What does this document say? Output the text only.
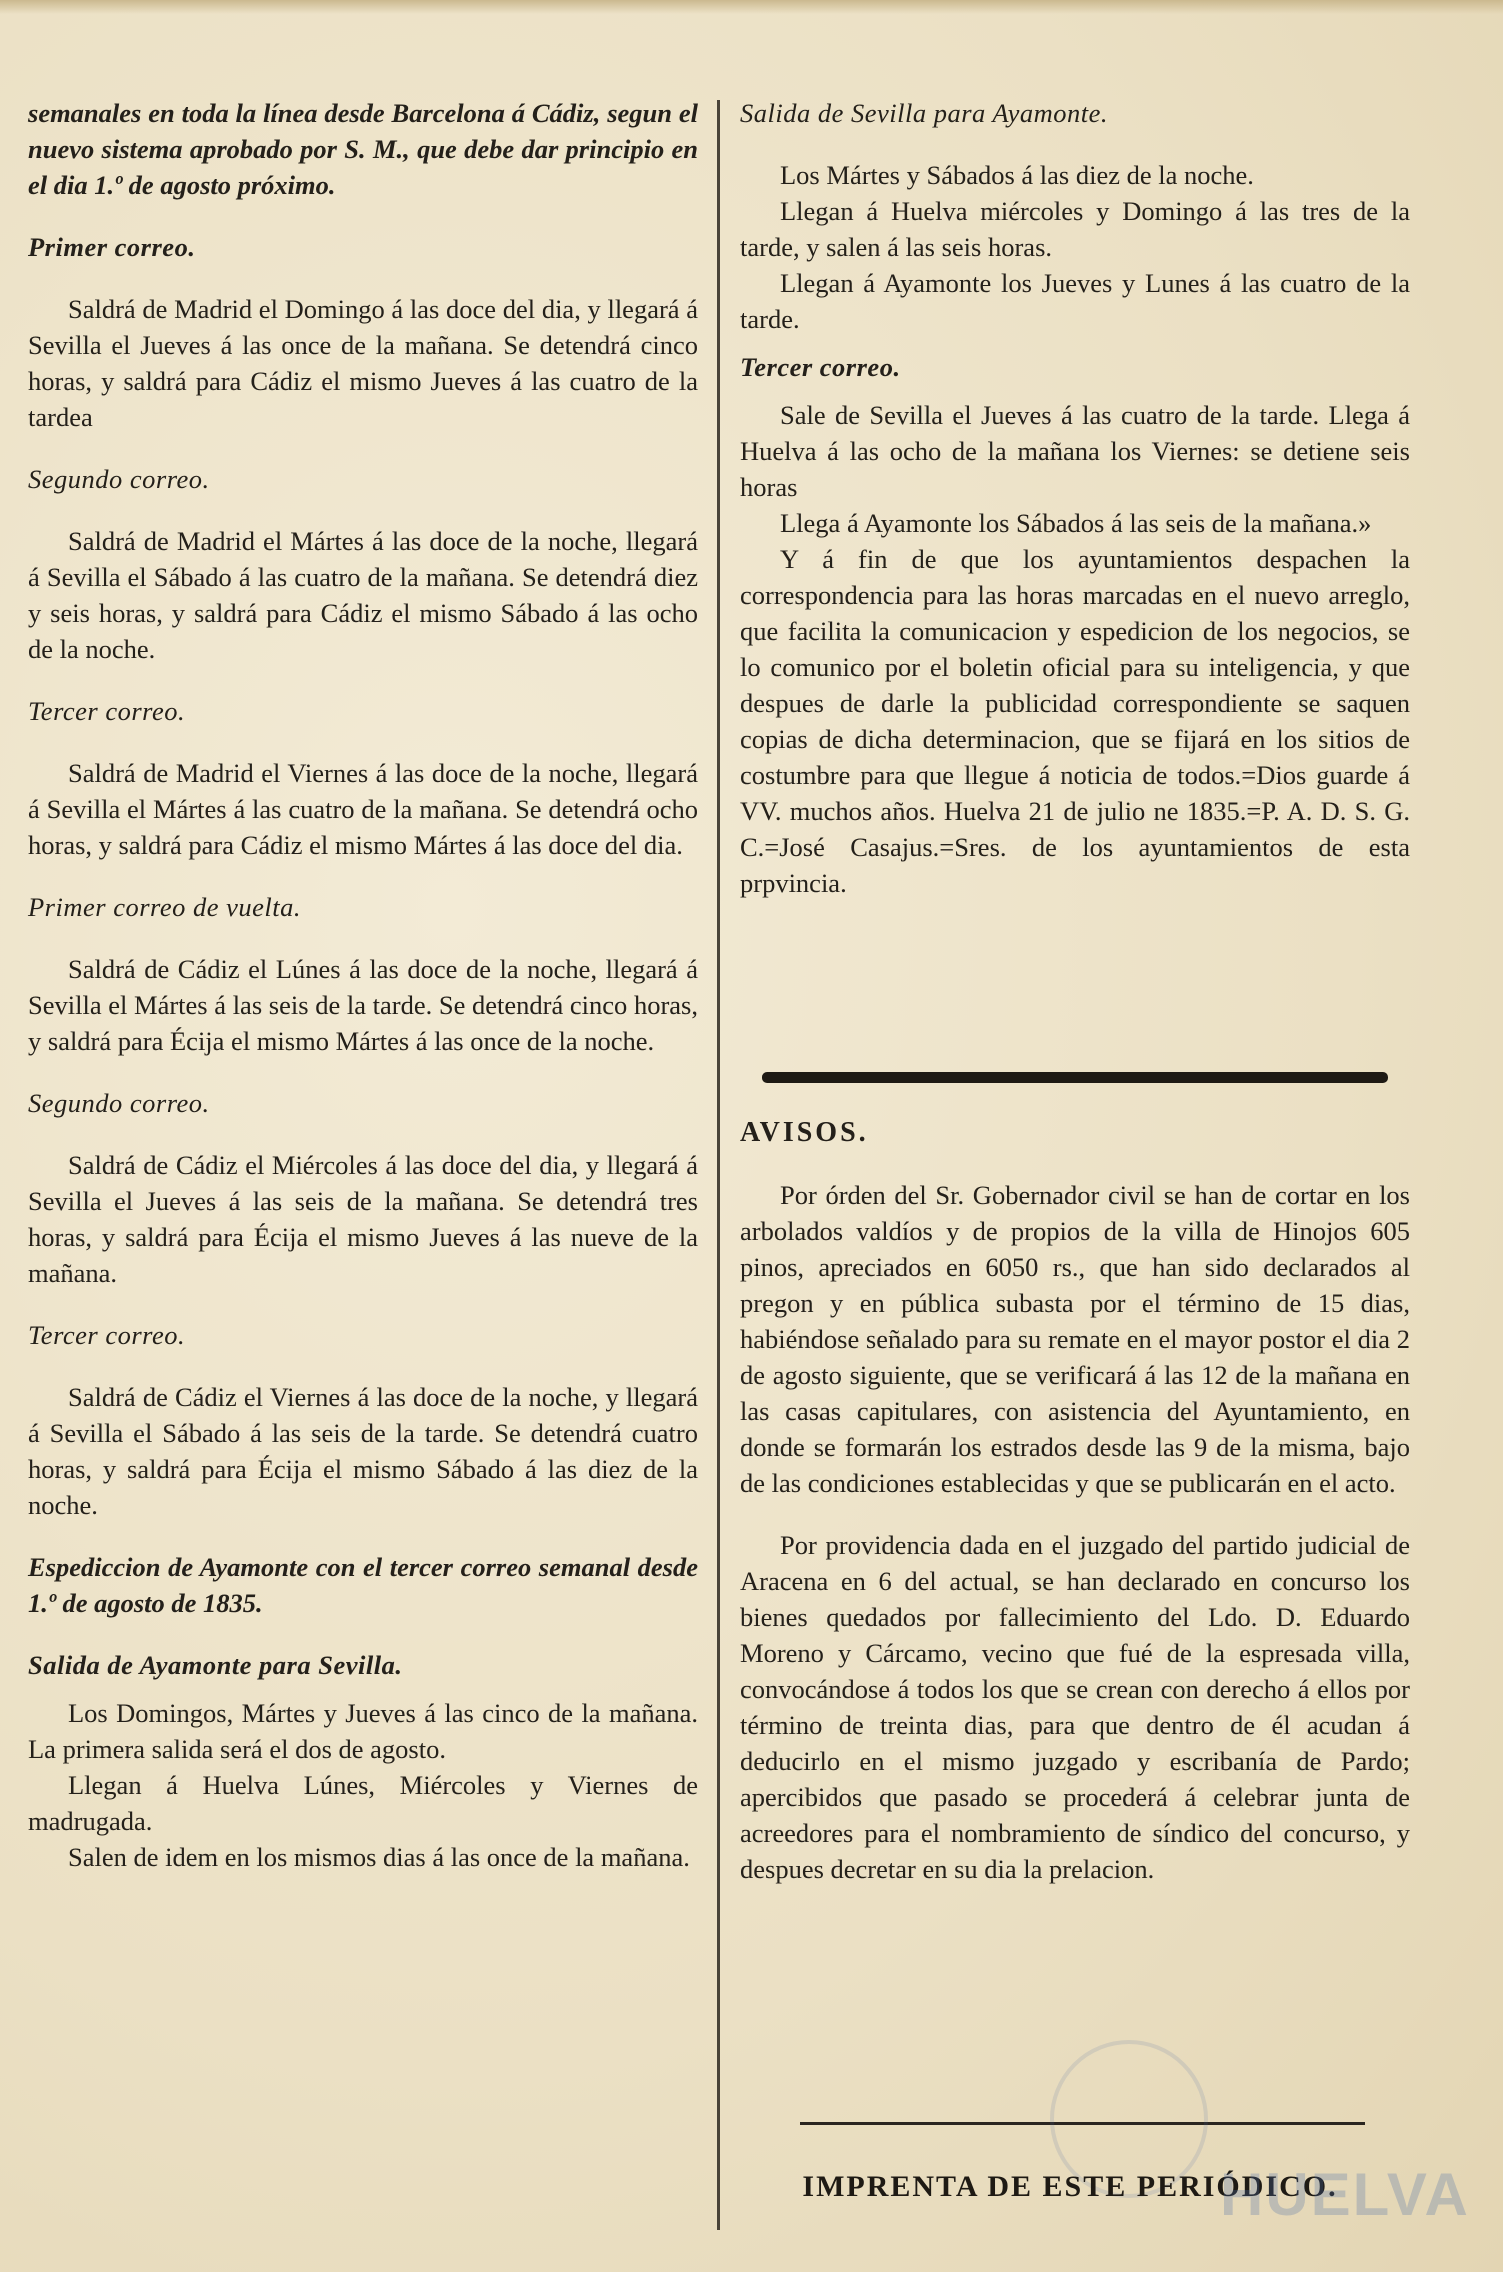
semanales en toda la línea desde Barcelona á Cádiz, segun el nuevo sistema aprobado por S. M., que debe dar principio en el dia 1.º de agosto próximo.

Primer correo.

Saldrá de Madrid el Domingo á las doce del dia, y llegará á Sevilla el Jueves á las once de la mañana. Se detendrá cinco horas, y saldrá para Cádiz el mismo Jueves á las cuatro de la tardea

Segundo correo.

Saldrá de Madrid el Mártes á las doce de la noche, llegará á Sevilla el Sábado á las cuatro de la mañana. Se detendrá diez y seis horas, y saldrá para Cádiz el mismo Sábado á las ocho de la noche.

Tercer correo.

Saldrá de Madrid el Viernes á las doce de la noche, llegará á Sevilla el Mártes á las cuatro de la mañana. Se detendrá ocho horas, y saldrá para Cádiz el mismo Mártes á las doce del dia.

Primer correo de vuelta.

Saldrá de Cádiz el Lúnes á las doce de la noche, llegará á Sevilla el Mártes á las seis de la tarde. Se detendrá cinco horas, y saldrá para Écija el mismo Mártes á las once de la noche.

Segundo correo.

Saldrá de Cádiz el Miércoles á las doce del dia, y llegará á Sevilla el Jueves á las seis de la mañana. Se detendrá tres horas, y saldrá para Écija el mismo Jueves á las nueve de la mañana.

Tercer correo.

Saldrá de Cádiz el Viernes á las doce de la noche, y llegará á Sevilla el Sábado á las seis de la tarde. Se detendrá cuatro horas, y saldrá para Écija el mismo Sábado á las diez de la noche.

Espediccion de Ayamonte con el tercer correo semanal desde 1.º de agosto de 1835.

Salida de Ayamonte para Sevilla.

Los Domingos, Mártes y Jueves á las cinco de la mañana. La primera salida será el dos de agosto.

Llegan á Huelva Lúnes, Miércoles y Viernes de madrugada.

Salen de idem en los mismos dias á las once de la mañana.

Salida de Sevilla para Ayamonte.

Los Mártes y Sábados á las diez de la noche.

Llegan á Huelva miércoles y Domingo á las tres de la tarde, y salen á las seis horas.

Llegan á Ayamonte los Jueves y Lunes á las cuatro de la tarde.

Tercer correo.

Sale de Sevilla el Jueves á las cuatro de la tarde. Llega á Huelva á las ocho de la mañana los Viernes: se detiene seis horas

Llega á Ayamonte los Sábados á las seis de la mañana.»

Y á fin de que los ayuntamientos despachen la correspondencia para las horas marcadas en el nuevo arreglo, que facilita la comunicacion y espedicion de los negocios, se lo comunico por el boletin oficial para su inteligencia, y que despues de darle la publicidad correspondiente se saquen copias de dicha determinacion, que se fijará en los sitios de costumbre para que llegue á noticia de todos.=Dios guarde á VV. muchos años. Huelva 21 de julio ne 1835.=P. A. D. S. G. C.=José Casajus.=Sres. de los ayuntamientos de esta prpvincia.

AVISOS.

Por órden del Sr. Gobernador civil se han de cortar en los arbolados valdíos y de propios de la villa de Hinojos 605 pinos, apreciados en 6050 rs., que han sido declarados al pregon y en pública subasta por el término de 15 dias, habiéndose señalado para su remate en el mayor postor el dia 2 de agosto siguiente, que se verificará á las 12 de la mañana en las casas capitulares, con asistencia del Ayuntamiento, en donde se formarán los estrados desde las 9 de la misma, bajo de las condiciones establecidas y que se publicarán en el acto.

Por providencia dada en el juzgado del partido judicial de Aracena en 6 del actual, se han declarado en concurso los bienes quedados por fallecimiento del Ldo. D. Eduardo Moreno y Cárcamo, vecino que fué de la espresada villa, convocándose á todos los que se crean con derecho á ellos por término de treinta dias, para que dentro de él acudan á deducirlo en el mismo juzgado y escribanía de Pardo; apercibidos que pasado se procederá á celebrar junta de acreedores para el nombramiento de síndico del concurso, y despues decretar en su dia la prelacion.

IMPRENTA DE ESTE PERIÓDICO.
HUELVA
